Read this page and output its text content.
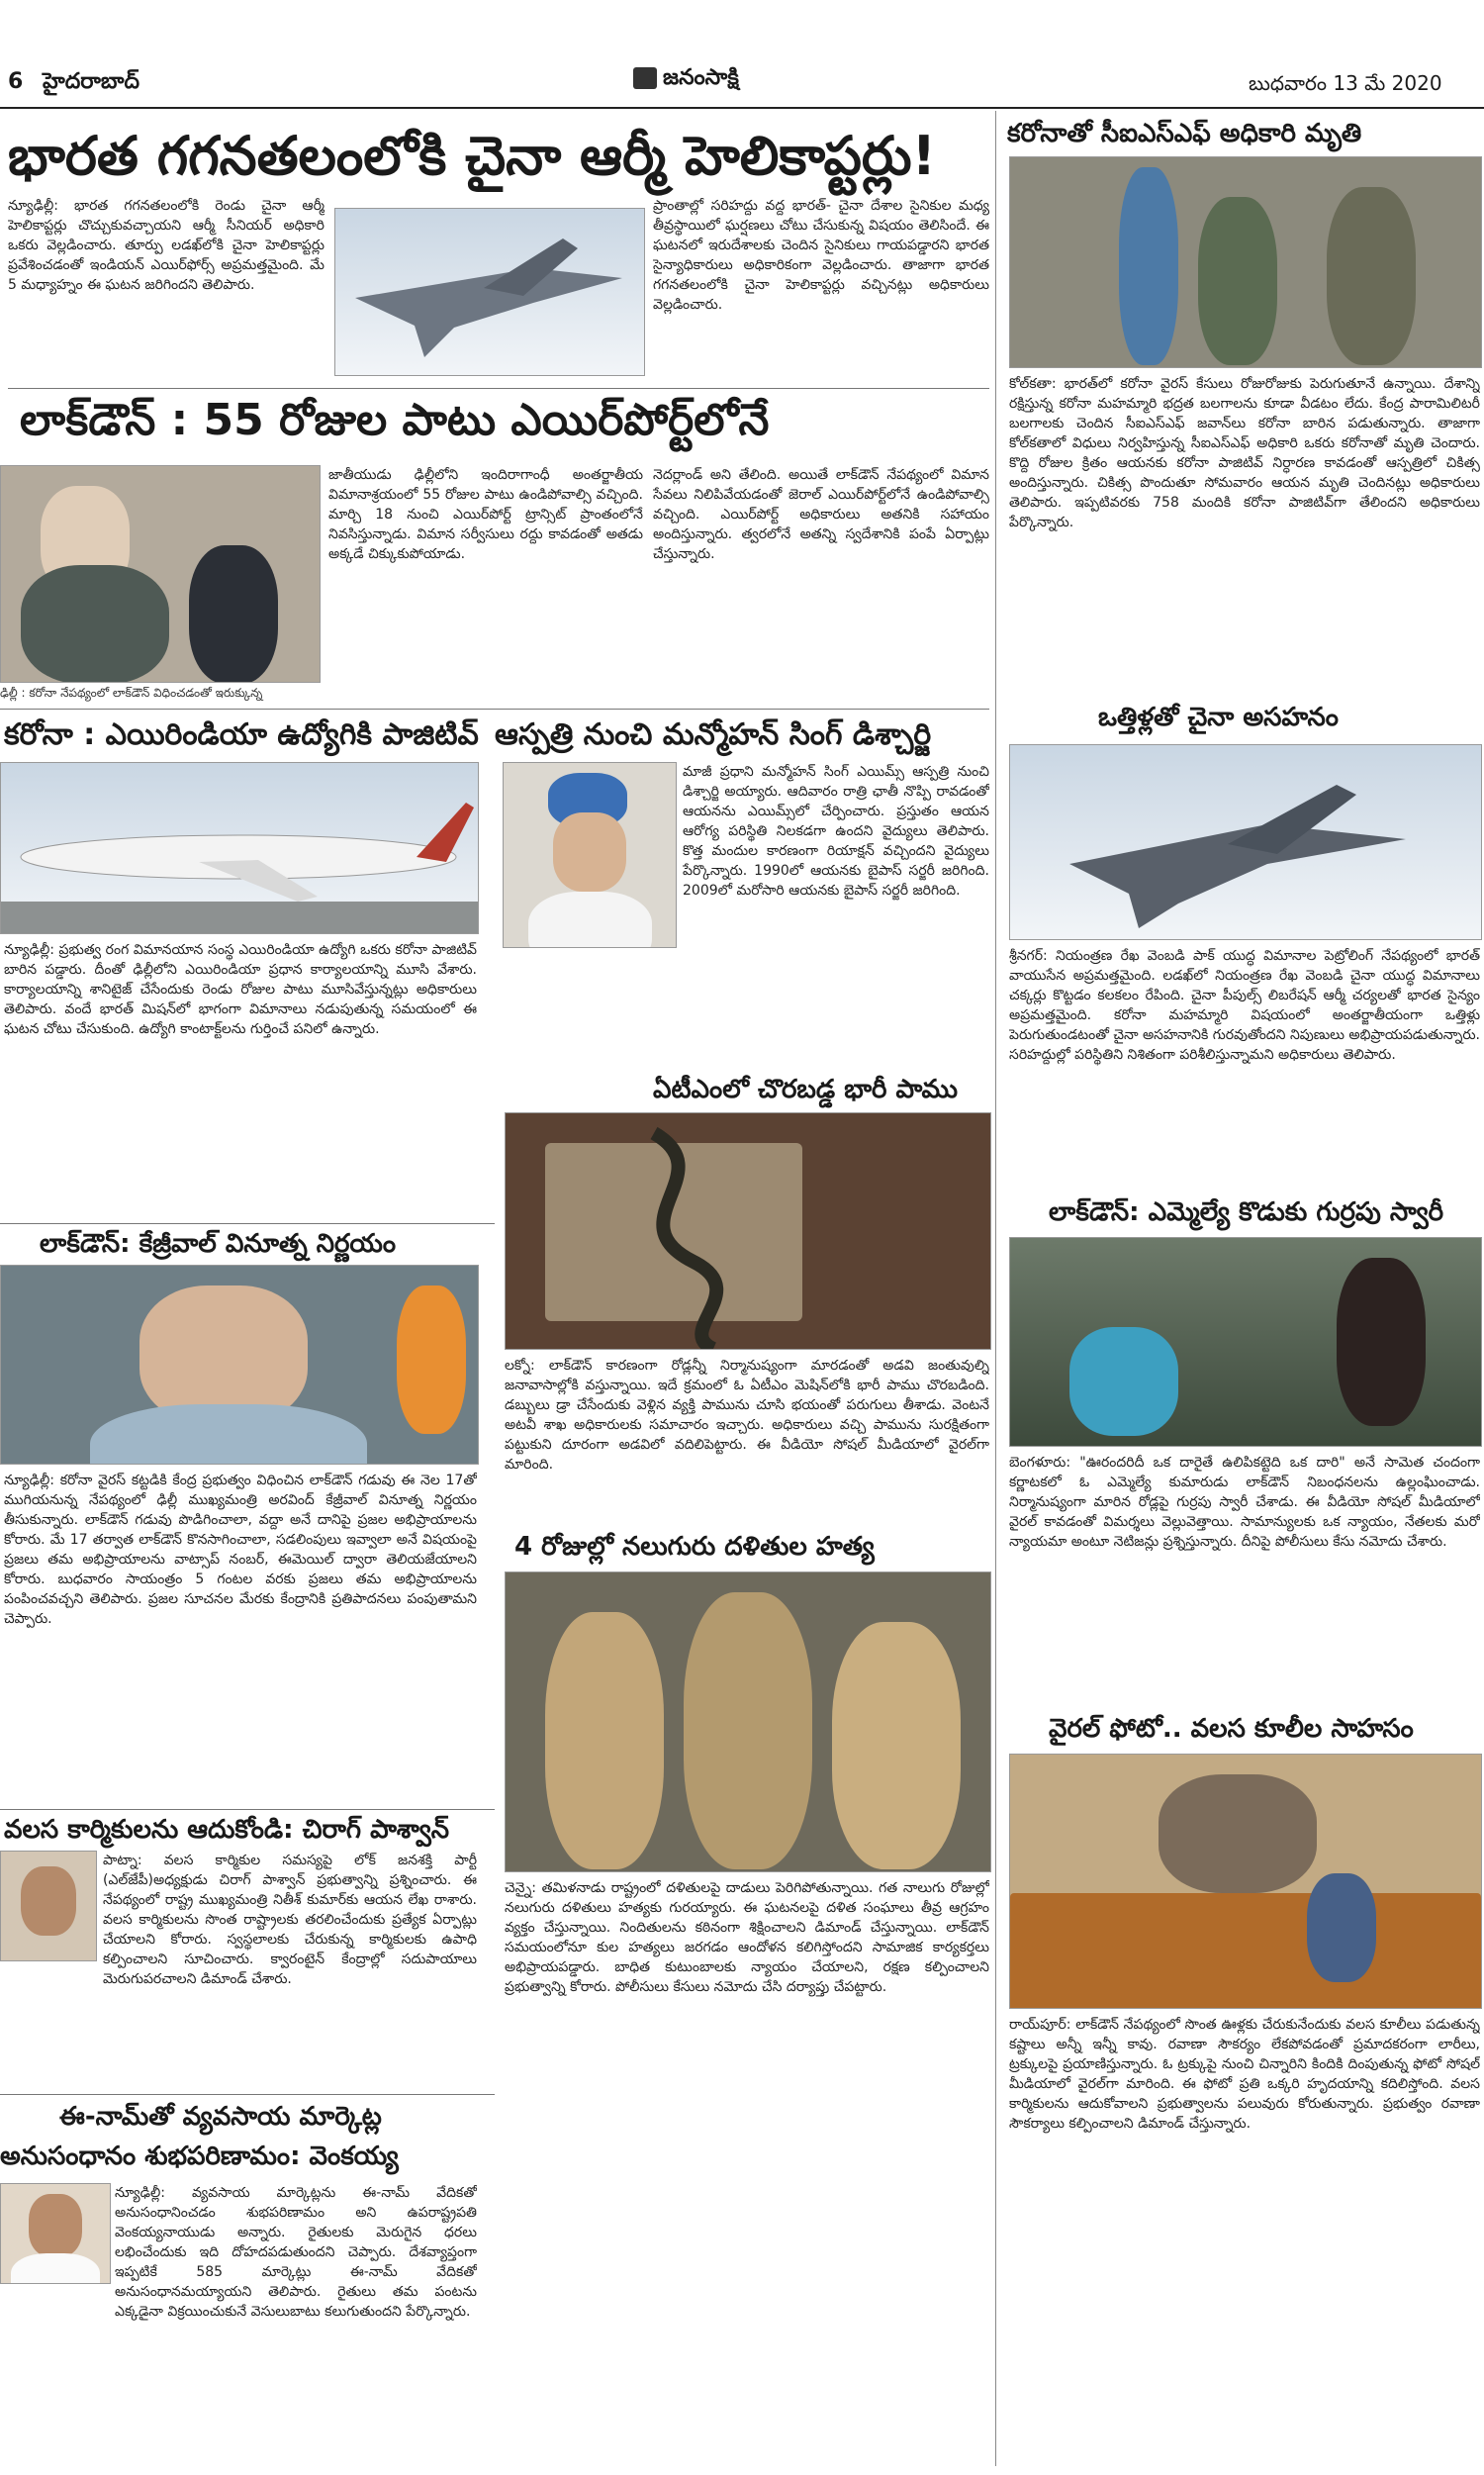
6 హైదరాబాద్	జనంసాక్షి	బుధవారం 13 మే 2020
భారత గగనతలంలోకి చైనా ఆర్మీ హెలికాప్టర్లు!
న్యూఢిల్లీ: భారత గగనతలంలోకి రెండు చైనా ఆర్మీ హెలికాప్టర్లు చొచ్చుకువచ్చాయని ఆర్మీ సీనియర్ అధికారి ఒకరు వెల్లడించారు. తూర్పు లడఖ్‌లోకి చైనా హెలికాప్టర్లు ప్రవేశించడంతో ఇండియన్ ఎయిర్‌ఫోర్స్ అప్రమత్తమైంది. మే 5 మధ్యాహ్నం ఈ ఘటన జరిగిందని తెలిపారు.
ప్రాంతాల్లో సరిహద్దు వద్ద భారత్- చైనా దేశాల సైనికుల మధ్య తీవ్రస్థాయిలో ఘర్షణలు చోటు చేసుకున్న విషయం తెలిసిందే. ఈ ఘటనలో ఇరుదేశాలకు చెందిన సైనికులు గాయపడ్డారని భారత సైన్యాధికారులు అధికారికంగా వెల్లడించారు. తాజాగా భారత గగనతలంలోకి చైనా హెలికాప్టర్లు వచ్చినట్లు అధికారులు వెల్లడించారు.
లాక్‌డౌన్ : 55 రోజుల పాటు ఎయిర్‌పోర్ట్‌లోనే
ఢిల్లీ : కరోనా నేపథ్యంలో లాక్‌డౌన్ విధించడంతో ఇరుక్కున్న
జాతీయుడు ఢిల్లీలోని ఇందిరాగాంధీ అంతర్జాతీయ విమానాశ్రయంలో 55 రోజుల పాటు ఉండిపోవాల్సి వచ్చింది. మార్చి 18 నుంచి ఎయిర్‌పోర్ట్ ట్రాన్సిట్ ప్రాంతంలోనే నివసిస్తున్నాడు. విమాన సర్వీసులు రద్దు కావడంతో అతడు అక్కడే చిక్కుకుపోయాడు.
నెదర్లాండ్ అని తేలింది. అయితే లాక్‌డౌన్ నేపథ్యంలో విమాన సేవలు నిలిపివేయడంతో జెరాల్ ఎయిర్‌పోర్ట్‌లోనే ఉండిపోవాల్సి వచ్చింది. ఎయిర్‌పోర్ట్ అధికారులు అతనికి సహాయం అందిస్తున్నారు. త్వరలోనే అతన్ని స్వదేశానికి పంపే ఏర్పాట్లు చేస్తున్నారు.
కరోనా : ఎయిరిండియా ఉద్యోగికి పాజిటివ్
న్యూఢిల్లీ: ప్రభుత్వ రంగ విమానయాన సంస్థ ఎయిరిండియా ఉద్యోగి ఒకరు కరోనా పాజిటివ్ బారిన పడ్డారు. దీంతో ఢిల్లీలోని ఎయిరిండియా ప్రధాన కార్యాలయాన్ని మూసి వేశారు. కార్యాలయాన్ని శానిటైజ్ చేసేందుకు రెండు రోజుల పాటు మూసివేస్తున్నట్లు అధికారులు తెలిపారు. వందే భారత్ మిషన్‌లో భాగంగా విమానాలు నడుపుతున్న సమయంలో ఈ ఘటన చోటు చేసుకుంది. ఉద్యోగి కాంటాక్ట్‌లను గుర్తించే పనిలో ఉన్నారు.
ఆస్పత్రి నుంచి మన్మోహన్ సింగ్ డిశ్చార్జి
మాజీ ప్రధాని మన్మోహన్ సింగ్ ఎయిమ్స్ ఆస్పత్రి నుంచి డిశ్చార్జి అయ్యారు. ఆదివారం రాత్రి ఛాతీ నొప్పి రావడంతో ఆయనను ఎయిమ్స్‌లో చేర్పించారు. ప్రస్తుతం ఆయన ఆరోగ్య పరిస్థితి నిలకడగా ఉందని వైద్యులు తెలిపారు. కొత్త మందుల కారణంగా రియాక్షన్ వచ్చిందని వైద్యులు పేర్కొన్నారు. 1990లో ఆయనకు బైపాస్ సర్జరీ జరిగింది. 2009లో మరోసారి ఆయనకు బైపాస్ సర్జరీ జరిగింది.
ఏటీఎంలో చొరబడ్డ భారీ పాము
లక్నో: లాక్‌డౌన్ కారణంగా రోడ్లన్నీ నిర్మానుష్యంగా మారడంతో అడవి జంతువుల్ని జనావాసాల్లోకి వస్తున్నాయి. ఇదే క్రమంలో ఓ ఏటీఎం మెషిన్‌లోకి భారీ పాము చొరబడింది. డబ్బులు డ్రా చేసేందుకు వెళ్లిన వ్యక్తి పామును చూసి భయంతో పరుగులు తీశాడు. వెంటనే అటవీ శాఖ అధికారులకు సమాచారం ఇచ్చారు. అధికారులు వచ్చి పామును సురక్షితంగా పట్టుకుని దూరంగా అడవిలో వదిలిపెట్టారు. ఈ వీడియో సోషల్ మీడియాలో వైరల్‌గా మారింది.
లాక్‌డౌన్: కేజ్రీవాల్ వినూత్న నిర్ణయం
న్యూఢిల్లీ: కరోనా వైరస్ కట్టడికి కేంద్ర ప్రభుత్వం విధించిన లాక్‌డౌన్ గడువు ఈ నెల 17తో ముగియనున్న నేపథ్యంలో ఢిల్లీ ముఖ్యమంత్రి అరవింద్ కేజ్రీవాల్ వినూత్న నిర్ణయం తీసుకున్నారు. లాక్‌డౌన్ గడువు పొడిగించాలా, వద్దా అనే దానిపై ప్రజల అభిప్రాయాలను కోరారు. మే 17 తర్వాత లాక్‌డౌన్ కొనసాగించాలా, సడలింపులు ఇవ్వాలా అనే విషయంపై ప్రజలు తమ అభిప్రాయాలను వాట్సాప్ నంబర్, ఈమెయిల్ ద్వారా తెలియజేయాలని కోరారు. బుధవారం సాయంత్రం 5 గంటల వరకు ప్రజలు తమ అభిప్రాయాలను పంపించవచ్చని తెలిపారు. ప్రజల సూచనల మేరకు కేంద్రానికి ప్రతిపాదనలు పంపుతామని చెప్పారు.
వలస కార్మికులను ఆదుకోండి: చిరాగ్ పాశ్వాన్
పాట్నా: వలస కార్మికుల సమస్యపై లోక్ జనశక్తి పార్టీ (ఎల్‌జేపీ)అధ్యక్షుడు చిరాగ్ పాశ్వాన్ ప్రభుత్వాన్ని ప్రశ్నించారు. ఈ నేపథ్యంలో రాష్ట్ర ముఖ్యమంత్రి నితీశ్ కుమార్‌కు ఆయన లేఖ రాశారు. వలస కార్మికులను సొంత రాష్ట్రాలకు తరలించేందుకు ప్రత్యేక ఏర్పాట్లు చేయాలని కోరారు. స్వస్థలాలకు చేరుకున్న కార్మికులకు ఉపాధి కల్పించాలని సూచించారు. క్వారంటైన్ కేంద్రాల్లో సదుపాయాలు మెరుగుపరచాలని డిమాండ్ చేశారు.
ఈ-నామ్‌తో వ్యవసాయ మార్కెట్ల
అనుసంధానం శుభపరిణామం: వెంకయ్య
న్యూఢిల్లీ: వ్యవసాయ మార్కెట్లను ఈ-నామ్ వేదికతో అనుసంధానించడం శుభపరిణామం అని ఉపరాష్ట్రపతి వెంకయ్యనాయుడు అన్నారు. రైతులకు మెరుగైన ధరలు లభించేందుకు ఇది దోహదపడుతుందని చెప్పారు. దేశవ్యాప్తంగా ఇప్పటికే 585 మార్కెట్లు ఈ-నామ్ వేదికతో అనుసంధానమయ్యాయని తెలిపారు. రైతులు తమ పంటను ఎక్కడైనా విక్రయించుకునే వెసులుబాటు కలుగుతుందని పేర్కొన్నారు.
4 రోజుల్లో నలుగురు దళితుల హత్య
చెన్నై: తమిళనాడు రాష్ట్రంలో దళితులపై దాడులు పెరిగిపోతున్నాయి. గత నాలుగు రోజుల్లో నలుగురు దళితులు హత్యకు గురయ్యారు. ఈ ఘటనలపై దళిత సంఘాలు తీవ్ర ఆగ్రహం వ్యక్తం చేస్తున్నాయి. నిందితులను కఠినంగా శిక్షించాలని డిమాండ్ చేస్తున్నాయి. లాక్‌డౌన్ సమయంలోనూ కుల హత్యలు జరగడం ఆందోళన కలిగిస్తోందని సామాజిక కార్యకర్తలు అభిప్రాయపడ్డారు. బాధిత కుటుంబాలకు న్యాయం చేయాలని, రక్షణ కల్పించాలని ప్రభుత్వాన్ని కోరారు. పోలీసులు కేసులు నమోదు చేసి దర్యాప్తు చేపట్టారు.
కరోనాతో సీఐఎస్ఎఫ్ అధికారి మృతి
కోల్‌కతా: భారత్‌లో కరోనా వైరస్ కేసులు రోజురోజుకు పెరుగుతూనే ఉన్నాయి. దేశాన్ని రక్షిస్తున్న కరోనా మహమ్మారి భద్రత బలగాలను కూడా వీడటం లేదు. కేంద్ర పారామిలిటరీ బలగాలకు చెందిన సీఐఎస్ఎఫ్‌ జవాన్‌లు కరోనా బారిన పడుతున్నారు. తాజాగా కోల్‌కతాలో విధులు నిర్వహిస్తున్న సీఐఎస్ఎఫ్ అధికారి ఒకరు కరోనాతో మృతి చెందారు. కొద్ది రోజుల క్రితం ఆయనకు కరోనా పాజిటివ్ నిర్ధారణ కావడంతో ఆస్పత్రిలో చికిత్స అందిస్తున్నారు. చికిత్స పొందుతూ సోమవారం ఆయన మృతి చెందినట్లు అధికారులు తెలిపారు. ఇప్పటివరకు 758 మందికి కరోనా పాజిటివ్‌గా తేలిందని అధికారులు పేర్కొన్నారు.
ఒత్తిళ్లతో చైనా అసహనం
శ్రీనగర్: నియంత్రణ రేఖ వెంబడి పాక్ యుద్ధ విమానాల పెట్రోలింగ్ నేపథ్యంలో భారత్ వాయుసేన అప్రమత్తమైంది. లడఖ్‌లో నియంత్రణ రేఖ వెంబడి చైనా యుద్ధ విమానాలు చక్కర్లు కొట్టడం కలకలం రేపింది. చైనా పీపుల్స్ లిబరేషన్ ఆర్మీ చర్యలతో భారత సైన్యం అప్రమత్తమైంది. కరోనా మహమ్మారి విషయంలో అంతర్జాతీయంగా ఒత్తిళ్లు పెరుగుతుండటంతో చైనా అసహనానికి గురవుతోందని నిపుణులు అభిప్రాయపడుతున్నారు. సరిహద్దుల్లో పరిస్థితిని నిశితంగా పరిశీలిస్తున్నామని అధికారులు తెలిపారు.
లాక్‌డౌన్: ఎమ్మెల్యే కొడుకు గుర్రపు స్వారీ
బెంగళూరు: "ఊరందరిదీ ఒక దారైతే ఉలిపికట్టెది ఒక దారి" అనే సామెత చందంగా కర్ణాటకలో ఓ ఎమ్మెల్యే కుమారుడు లాక్‌డౌన్ నిబంధనలను ఉల్లంఘించాడు. నిర్మానుష్యంగా మారిన రోడ్లపై గుర్రపు స్వారీ చేశాడు. ఈ వీడియో సోషల్ మీడియాలో వైరల్ కావడంతో విమర్శలు వెల్లువెత్తాయి. సామాన్యులకు ఒక న్యాయం, నేతలకు మరో న్యాయమా అంటూ నెటిజన్లు ప్రశ్నిస్తున్నారు. దీనిపై పోలీసులు కేసు నమోదు చేశారు.
వైరల్ ఫోటో.. వలస కూలీల సాహసం
రాయ్‌పూర్: లాక్‌డౌన్ నేపథ్యంలో సొంత ఊళ్లకు చేరుకునేందుకు వలస కూలీలు పడుతున్న కష్టాలు అన్నీ ఇన్నీ కావు. రవాణా సౌకర్యం లేకపోవడంతో ప్రమాదకరంగా లారీలు, ట్రక్కులపై ప్రయాణిస్తున్నారు. ఓ ట్రక్కుపై నుంచి చిన్నారిని కిందికి దింపుతున్న ఫోటో సోషల్ మీడియాలో వైరల్‌గా మారింది. ఈ ఫోటో ప్రతి ఒక్కరి హృదయాన్ని కదిలిస్తోంది. వలస కార్మికులను ఆదుకోవాలని ప్రభుత్వాలను పలువురు కోరుతున్నారు. ప్రభుత్వం రవాణా సౌకర్యాలు కల్పించాలని డిమాండ్ చేస్తున్నారు.
